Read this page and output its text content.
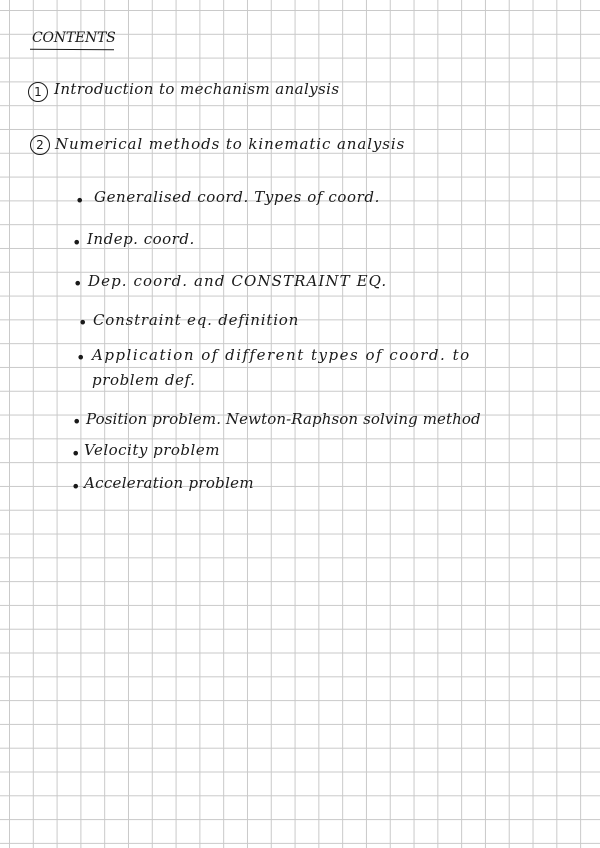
CONTENTS
1 Introduction to mechanism analysis
2 Numerical methods to kinematic analysis
• Generalised coord. Types of coord.
• Indep. coord.
• Dep. coord. and CONSTRAINT EQ.
• Constraint eq. definition
• Application of different types of coord. to
problem def.
• Position problem. Newton-Raphson solving method
• Velocity problem
• Acceleration problem
